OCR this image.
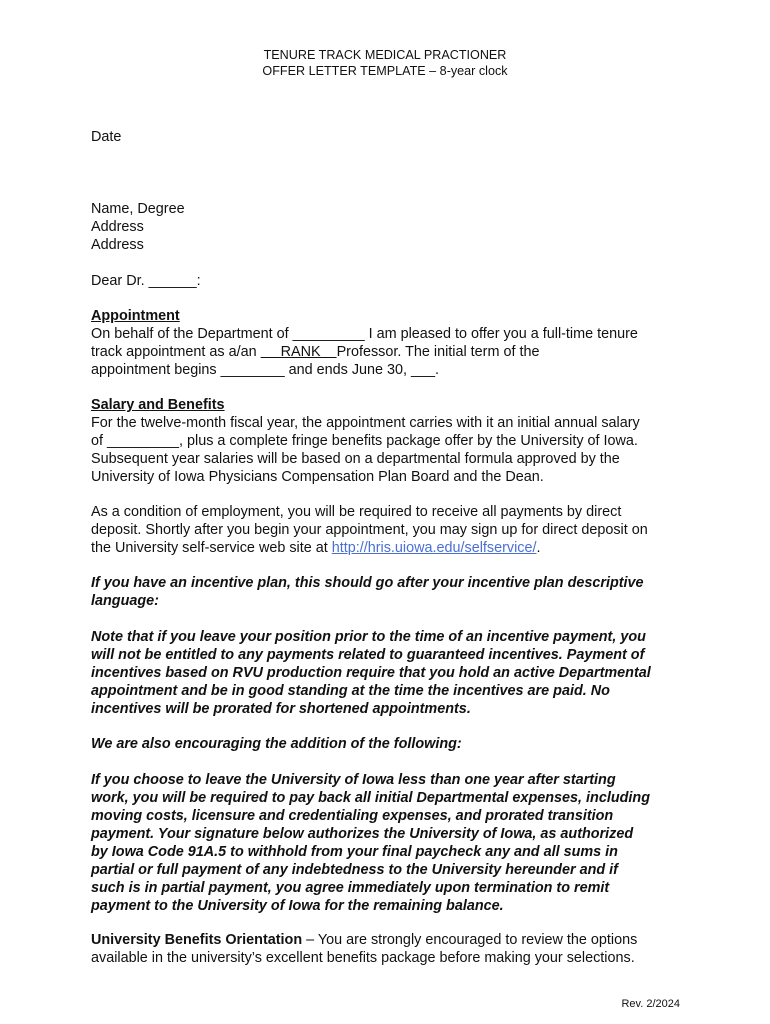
TENURE TRACK MEDICAL PRACTIONER
OFFER LETTER TEMPLATE – 8-year clock

Date

Name, Degree

Address

Address

Dear Dr. ______:

Appointment

On behalf of the Department of _________ I am pleased to offer you a full-time tenure

track appointment as a/an      RANK    Professor. The initial term of the

appointment begins ________ and ends June 30, ___.

Salary and Benefits

For the twelve-month fiscal year, the appointment carries with it an initial annual salary

of _________, plus a complete fringe benefits package offer by the University of Iowa.

Subsequent year salaries will be based on a departmental formula approved by the

University of Iowa Physicians Compensation Plan Board and the Dean.

As a condition of employment, you will be required to receive all payments by direct

deposit. Shortly after you begin your appointment, you may sign up for direct deposit on

the University self-service web site at http://hris.uiowa.edu/selfservice/.

If you have an incentive plan, this should go after your incentive plan descriptive

language:

Note that if you leave your position prior to the time of an incentive payment, you

will not be entitled to any payments related to guaranteed incentives. Payment of

incentives based on RVU production require that you hold an active Departmental

appointment and be in good standing at the time the incentives are paid. No

incentives will be prorated for shortened appointments.

We are also encouraging the addition of the following:

If you choose to leave the University of Iowa less than one year after starting

work, you will be required to pay back all initial Departmental expenses, including

moving costs, licensure and credentialing expenses, and prorated transition

payment. Your signature below authorizes the University of Iowa, as authorized

by Iowa Code 91A.5 to withhold from your final paycheck any and all sums in

partial or full payment of any indebtedness to the University hereunder and if

such is in partial payment, you agree immediately upon termination to remit

payment to the University of Iowa for the remaining balance.

University Benefits Orientation – You are strongly encouraged to review the options

available in the university’s excellent benefits package before making your selections.

Rev. 2/2024
